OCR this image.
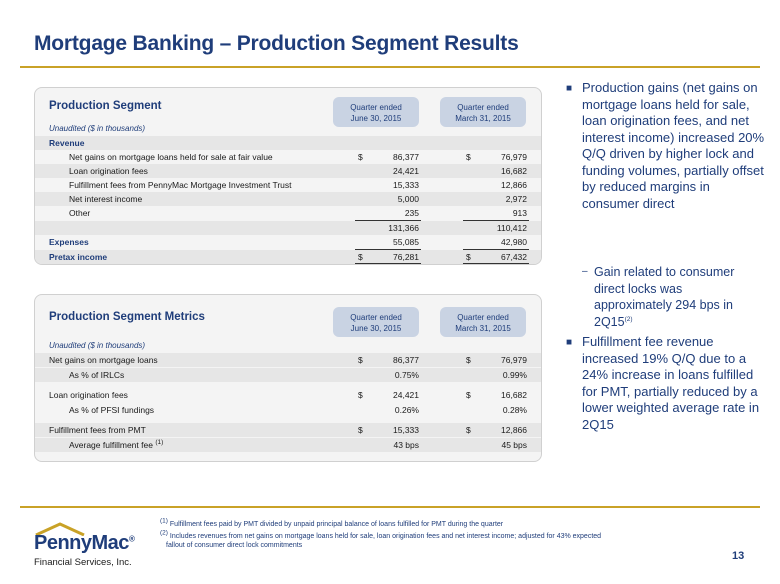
Mortgage Banking – Production Segment Results
Production Segment	Quarter ended
June 30, 2015
Quarter ended
March 31, 2015
Unaudited ($ in thousands)
Revenue
Net gains on mortgage loans held for sale at fair value	$	86,377	$	76,979
Loan origination fees	24,421	16,682
Fulfillment fees from PennyMac Mortgage Investment Trust	15,333	12,866
Net interest income	5,000	2,972
Other	235	913
131,366	110,412
Expenses	55,085	42,980
Pretax income	$	76,281	$	67,432
Production Segment Metrics	Quarter ended
June 30, 2015
Quarter ended
March 31, 2015
Unaudited ($ in thousands)
Net gains on mortgage loans	$	86,377	$	76,979
As % of IRLCs	0.75%	0.99%
Loan origination fees	$	24,421	$	16,682
As % of PFSI fundings	0.26%	0.28%
Fulfillment fees from PMT	$	15,333	$	12,866
Average fulfillment fee $^{(1)}$	43 bps	45 bps
■ Production gains (net gains on mortgage loans held for sale, loan origination fees, and net interest income) increased 20% Q/Q driven by higher lock and funding volumes, partially offset by reduced margins in consumer direct
– Gain related to consumer direct locks was approximately 294 bps in 2Q15$^{(2)}$
■ Fulfillment fee revenue increased 19% Q/Q due to a 24% increase in loans fulfilled for PMT, partially reduced by a lower weighted average rate in 2Q15
PennyMac®
Financial Services, Inc.
$^{(1)}$ Fulfillment fees paid by PMT divided by unpaid principal balance of loans fulfilled for PMT during the quarter
$^{(2)}$ Includes revenues from net gains on mortgage loans held for sale, loan origination fees and net interest income; adjusted for 43% expected
fallout of consumer direct lock commitments
13
